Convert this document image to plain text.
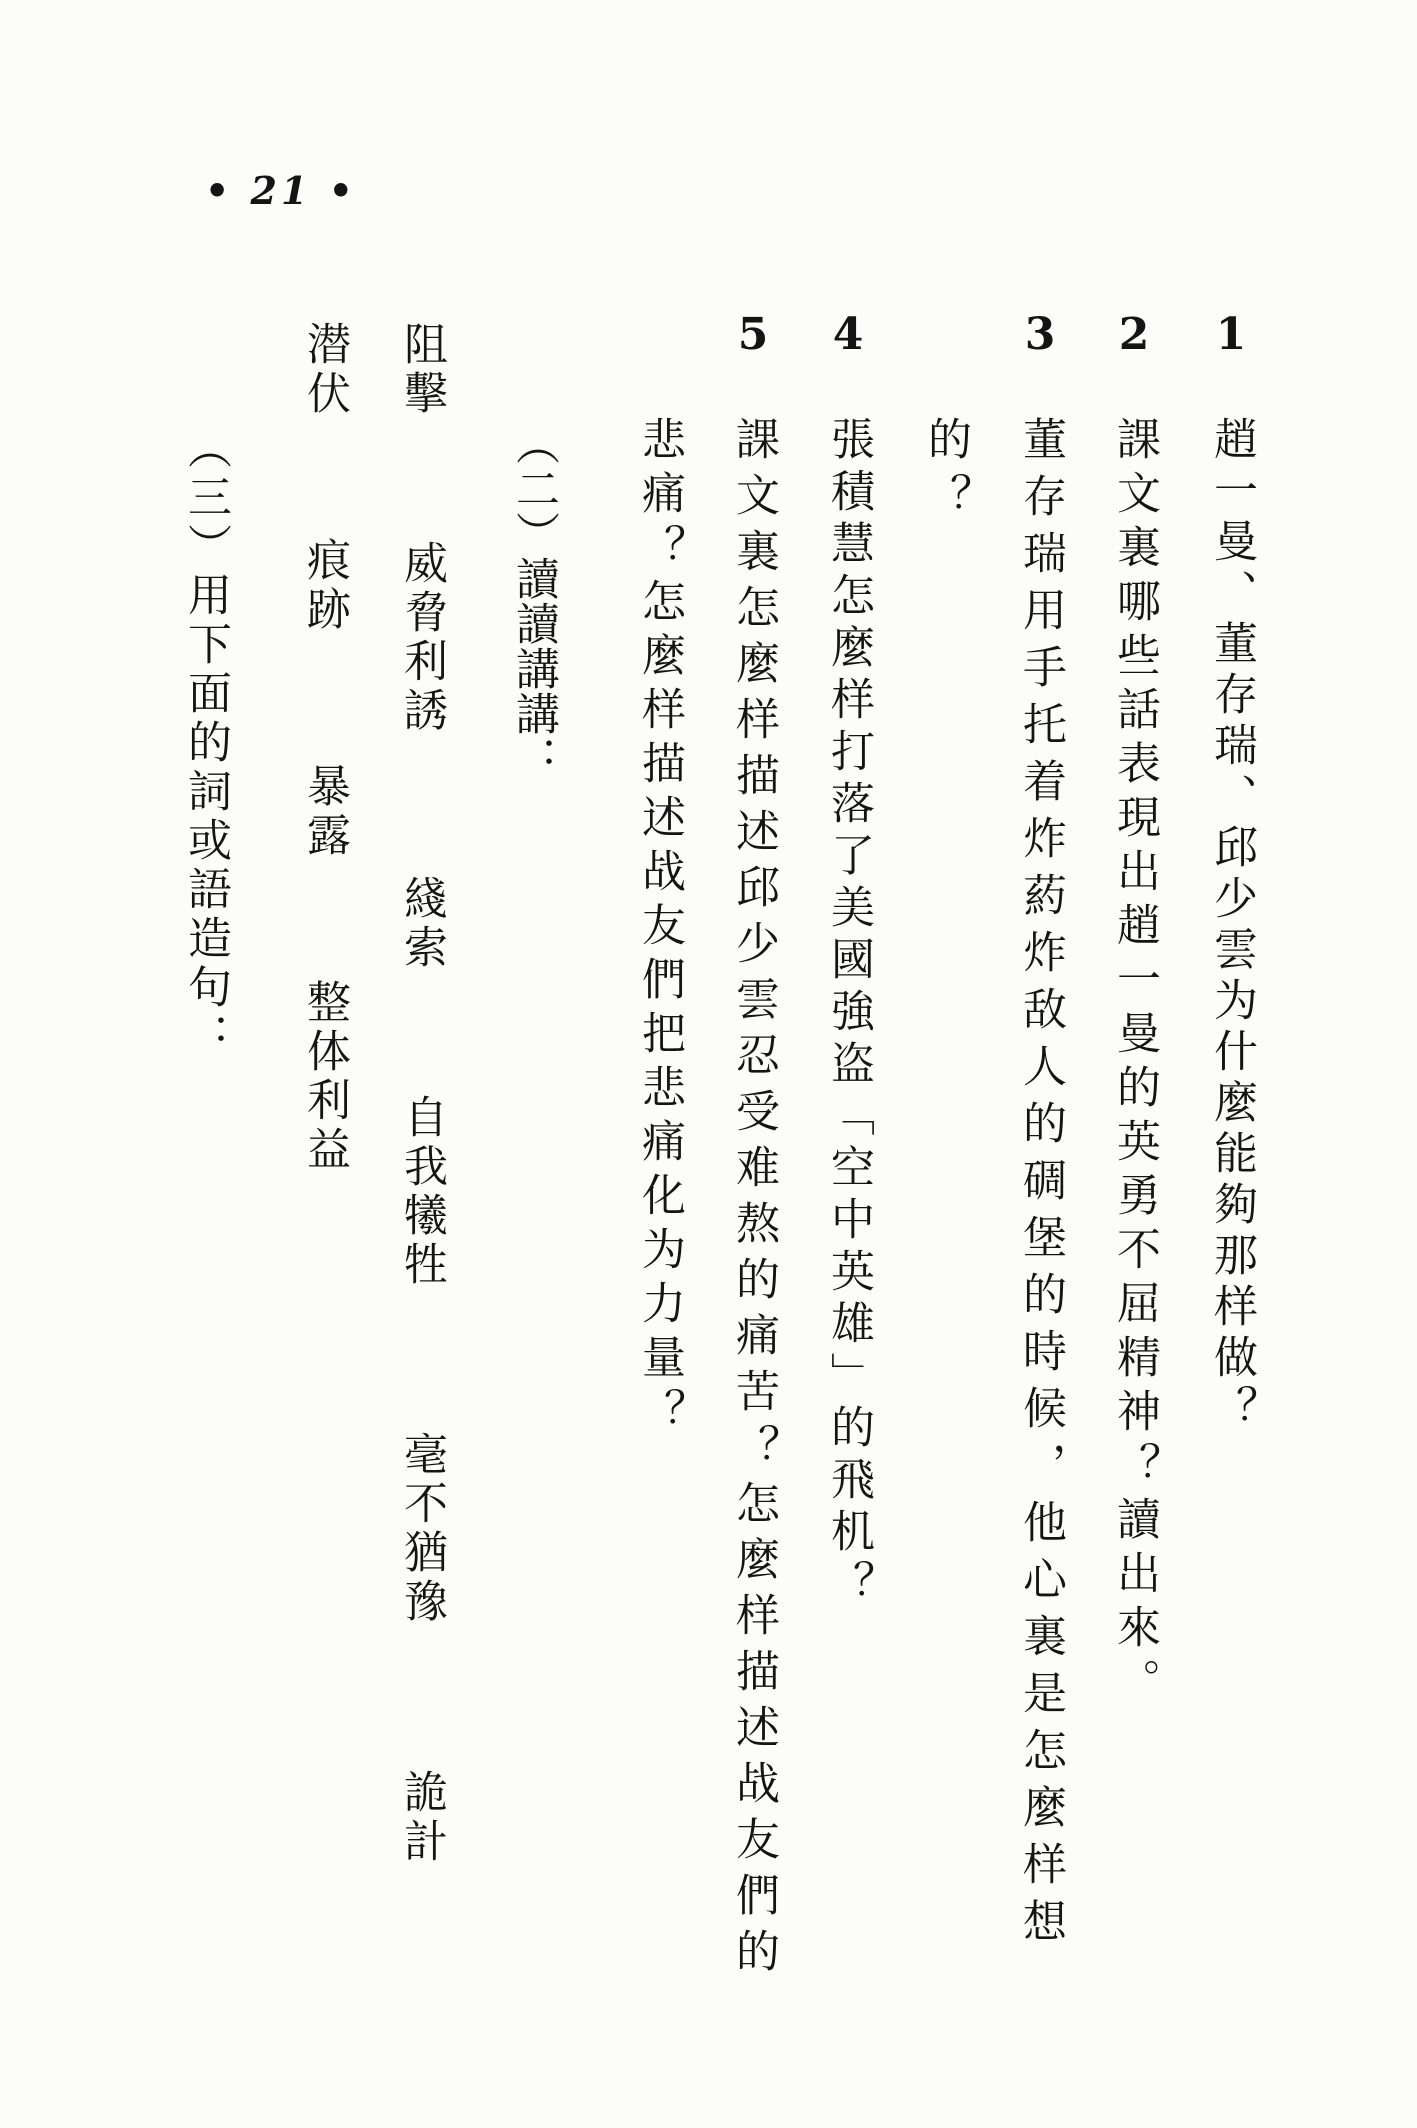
• 21 •
1
趙一曼、董存瑞、邱少雲为什麼能夠那样做？
2
課文裏哪些話表現出趙一曼的英勇不屈精神？讀出來。
3
董存瑞用手托着炸葯炸敌人的碉堡的時候，他心裏是怎麼样想
的？
4
張積慧怎麼样打落了美國強盗「空中英雄」的飛机？
5
課文裏怎麼样描述邱少雲忍受难熬的痛苦？怎麼样描述战友們的
悲痛？怎麼样描述战友們把悲痛化为力量？
（二）讀讀講講：
阻擊
威脅利誘
綫索
自我犧牲
毫不猶豫
詭計
潜伏
痕跡
暴露
整体利益
（三）用下面的詞或語造句：
